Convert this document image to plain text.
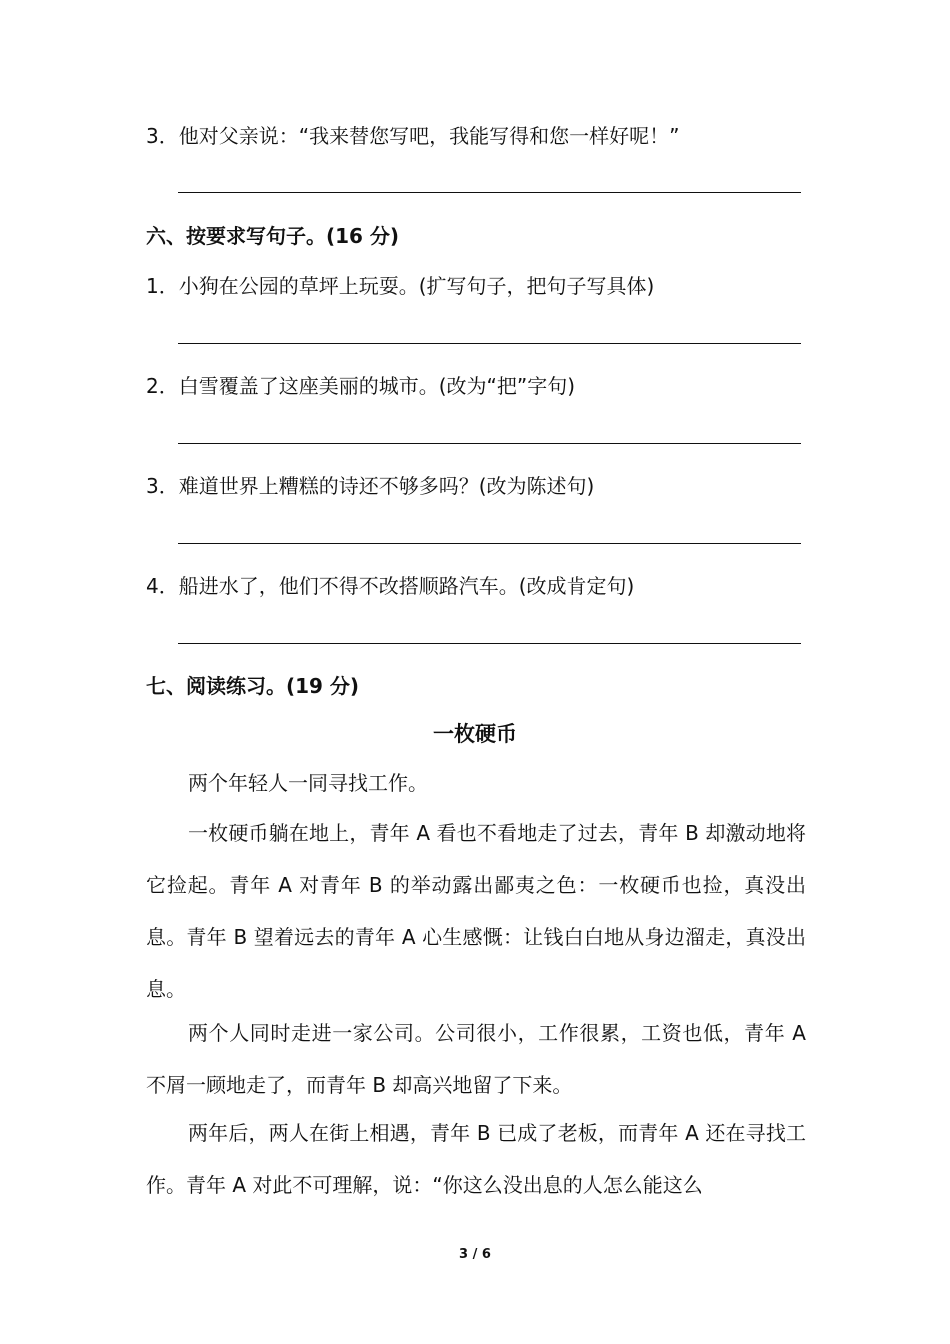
3．他对父亲说：“我来替您写吧，我能写得和您一样好呢！”
六、按要求写句子。(16 分)
1．小狗在公园的草坪上玩耍。(扩写句子，把句子写具体)
2．白雪覆盖了这座美丽的城市。(改为“把”字句)
3．难道世界上糟糕的诗还不够多吗？(改为陈述句)
4．船进水了，他们不得不改搭顺路汽车。(改成肯定句)
七、阅读练习。(19 分)
一枚硬币
两个年轻人一同寻找工作。
一枚硬币躺在地上，青年 A 看也不看地走了过去，青年 B 却激动地将它捡起。青年 A 对青年 B 的举动露出鄙夷之色：一枚硬币也捡，真没出息。青年 B 望着远去的青年 A 心生感慨：让钱白白地从身边溜走，真没出息。
两个人同时走进一家公司。公司很小，工作很累，工资也低，青年 A 不屑一顾地走了，而青年 B 却高兴地留了下来。
两年后，两人在街上相遇，青年 B 已成了老板，而青年 A 还在寻找工作。青年 A 对此不可理解，说：“你这么没出息的人怎么能这么
3 / 6
